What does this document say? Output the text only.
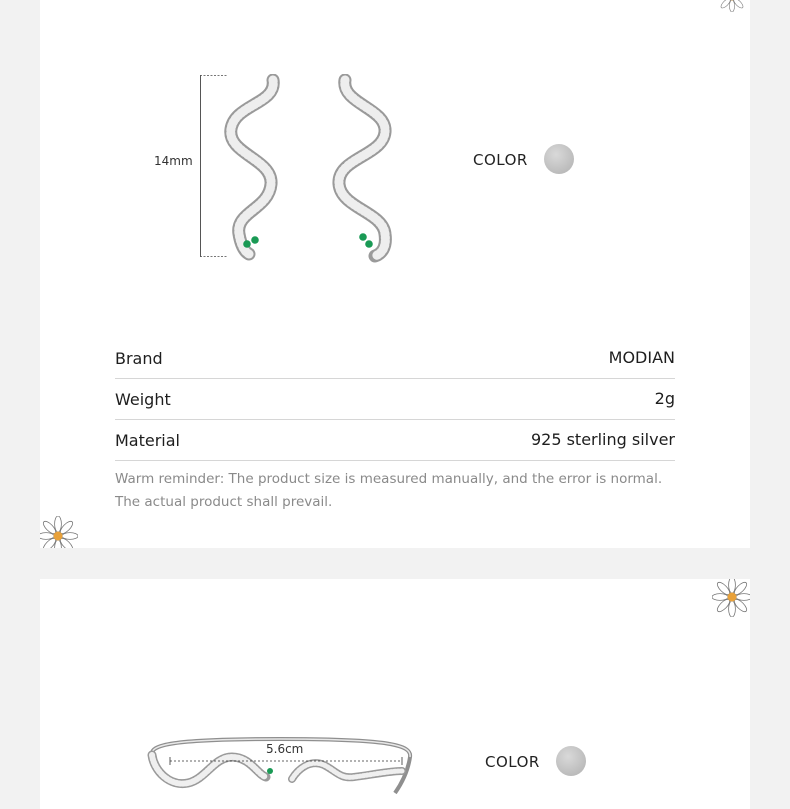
14mm	COLOR
Brand	MODIAN
Weight	2g
Material	925 sterling silver
Warm reminder: The product size is measured manually, and the error is normal. The actual product shall prevail.
5.6cm
COLOR
